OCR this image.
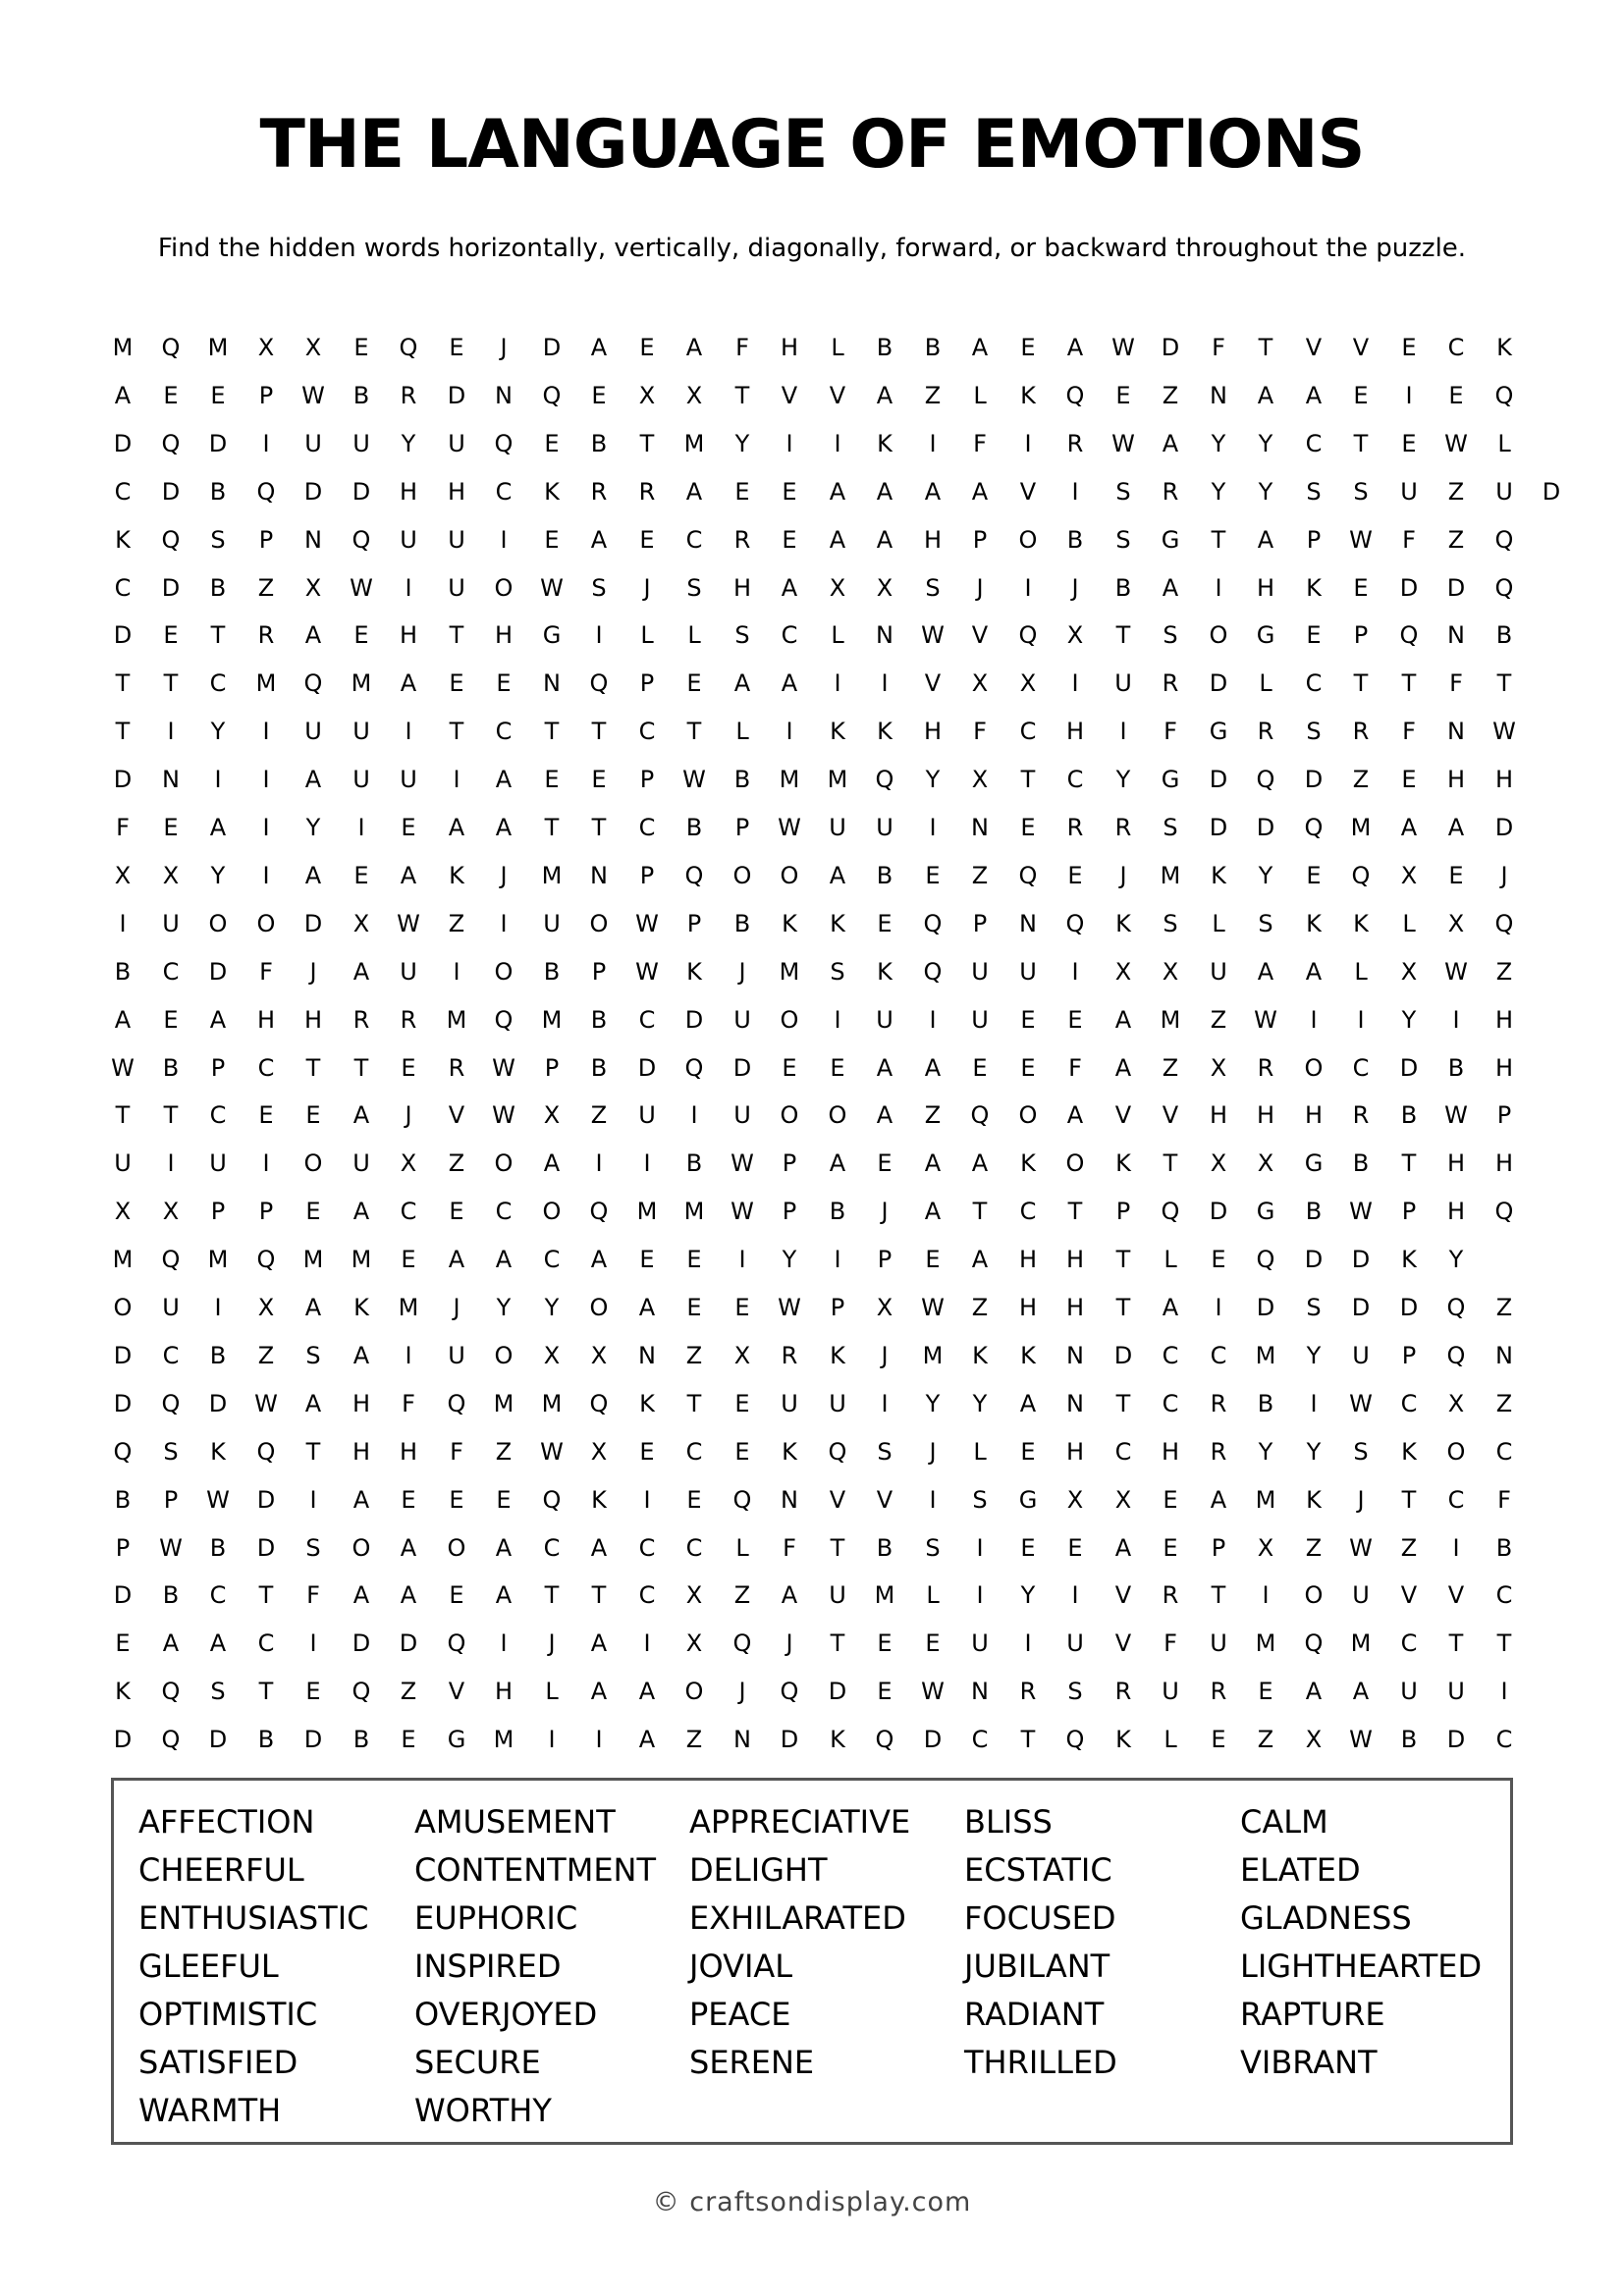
THE LANGUAGE OF EMOTIONS
Find the hidden words horizontally, vertically, diagonally, forward, or backward throughout the puzzle.
M	Q	M	X	X	E	Q	E	J	D	A	E	A	F	H	L	B	B	A	E	A	W	D	F	T	V	V	E	C	K
A	E	E	P	W	B	R	D	N	Q	E	X	X	T	V	V	A	Z	L	K	Q	E	Z	N	A	A	E	I	E	Q
D	Q	D	I	U	U	Y	U	Q	E	B	T	M	Y	I	I	K	I	F	I	R	W	A	Y	Y	C	T	E	W	L
C	D	B	Q	D	D	H	H	C	K	R	R	A	E	E	A	A	A	A	V	I	S	R	Y	Y	S	S	U	Z	U	D
K	Q	S	P	N	Q	U	U	I	E	A	E	C	R	E	A	A	H	P	O	B	S	G	T	A	P	W	F	Z	Q
C	D	B	Z	X	W	I	U	O	W	S	J	S	H	A	X	X	S	J	I	J	B	A	I	H	K	E	D	D	Q
D	E	T	R	A	E	H	T	H	G	I	L	L	S	C	L	N	W	V	Q	X	T	S	O	G	E	P	Q	N	B
T	T	C	M	Q	M	A	E	E	N	Q	P	E	A	A	I	I	V	X	X	I	U	R	D	L	C	T	T	F	T
T	I	Y	I	U	U	I	T	C	T	T	C	T	L	I	K	K	H	F	C	H	I	F	G	R	S	R	F	N	W
D	N	I	I	A	U	U	I	A	E	E	P	W	B	M	M	Q	Y	X	T	C	Y	G	D	Q	D	Z	E	H	H
F	E	A	I	Y	I	E	A	A	T	T	C	B	P	W	U	U	I	N	E	R	R	S	D	D	Q	M	A	A	D
X	X	Y	I	A	E	A	K	J	M	N	P	Q	O	O	A	B	E	Z	Q	E	J	M	K	Y	E	Q	X	E	J
I	U	O	O	D	X	W	Z	I	U	O	W	P	B	K	K	E	Q	P	N	Q	K	S	L	S	K	K	L	X	Q
B	C	D	F	J	A	U	I	O	B	P	W	K	J	M	S	K	Q	U	U	I	X	X	U	A	A	L	X	W	Z
A	E	A	H	H	R	R	M	Q	M	B	C	D	U	O	I	U	I	U	E	E	A	M	Z	W	I	I	Y	I	H
W	B	P	C	T	T	E	R	W	P	B	D	Q	D	E	E	A	A	E	E	F	A	Z	X	R	O	C	D	B	H
T	T	C	E	E	A	J	V	W	X	Z	U	I	U	O	O	A	Z	Q	O	A	V	V	H	H	H	R	B	W	P
U	I	U	I	O	U	X	Z	O	A	I	I	B	W	P	A	E	A	A	K	O	K	T	X	X	G	B	T	H	H
X	X	P	P	E	A	C	E	C	O	Q	M	M	W	P	B	J	A	T	C	T	P	Q	D	G	B	W	P	H	Q
M	Q	M	Q	M	M	E	A	A	C	A	E	E	I	Y	I	P	E	A	H	H	T	L	E	Q	D	D	K	Y
O	U	I	X	A	K	M	J	Y	Y	O	A	E	E	W	P	X	W	Z	H	H	T	A	I	D	S	D	D	Q	Z
D	C	B	Z	S	A	I	U	O	X	X	N	Z	X	R	K	J	M	K	K	N	D	C	C	M	Y	U	P	Q	N
D	Q	D	W	A	H	F	Q	M	M	Q	K	T	E	U	U	I	Y	Y	A	N	T	C	R	B	I	W	C	X	Z
Q	S	K	Q	T	H	H	F	Z	W	X	E	C	E	K	Q	S	J	L	E	H	C	H	R	Y	Y	S	K	O	C
B	P	W	D	I	A	E	E	E	Q	K	I	E	Q	N	V	V	I	S	G	X	X	E	A	M	K	J	T	C	F
P	W	B	D	S	O	A	O	A	C	A	C	C	L	F	T	B	S	I	E	E	A	E	P	X	Z	W	Z	I	B
D	B	C	T	F	A	A	E	A	T	T	C	X	Z	A	U	M	L	I	Y	I	V	R	T	I	O	U	V	V	C
E	A	A	C	I	D	D	Q	I	J	A	I	X	Q	J	T	E	E	U	I	U	V	F	U	M	Q	M	C	T	T
K	Q	S	T	E	Q	Z	V	H	L	A	A	O	J	Q	D	E	W	N	R	S	R	U	R	E	A	A	U	U	I
D	Q	D	B	D	B	E	G	M	I	I	A	Z	N	D	K	Q	D	C	T	Q	K	L	E	Z	X	W	B	D	C
AFFECTION	AMUSEMENT APPRECIATIVE BLISS	CALM
CHEERFUL	CONTENTMENT DELIGHT	ECSTATIC	ELATED
ENTHUSIASTIC EUPHORIC	EXHILARATED FOCUSED	GLADNESS
GLEEFUL	INSPIRED	JOVIAL	JUBILANT	LIGHTHEARTED
OPTIMISTIC	OVERJOYED	PEACE	RADIANT	RAPTURE
SATISFIED	SECURE	SERENE	THRILLED	VIBRANT
WARMTH	WORTHY
© craftsondisplay.com
